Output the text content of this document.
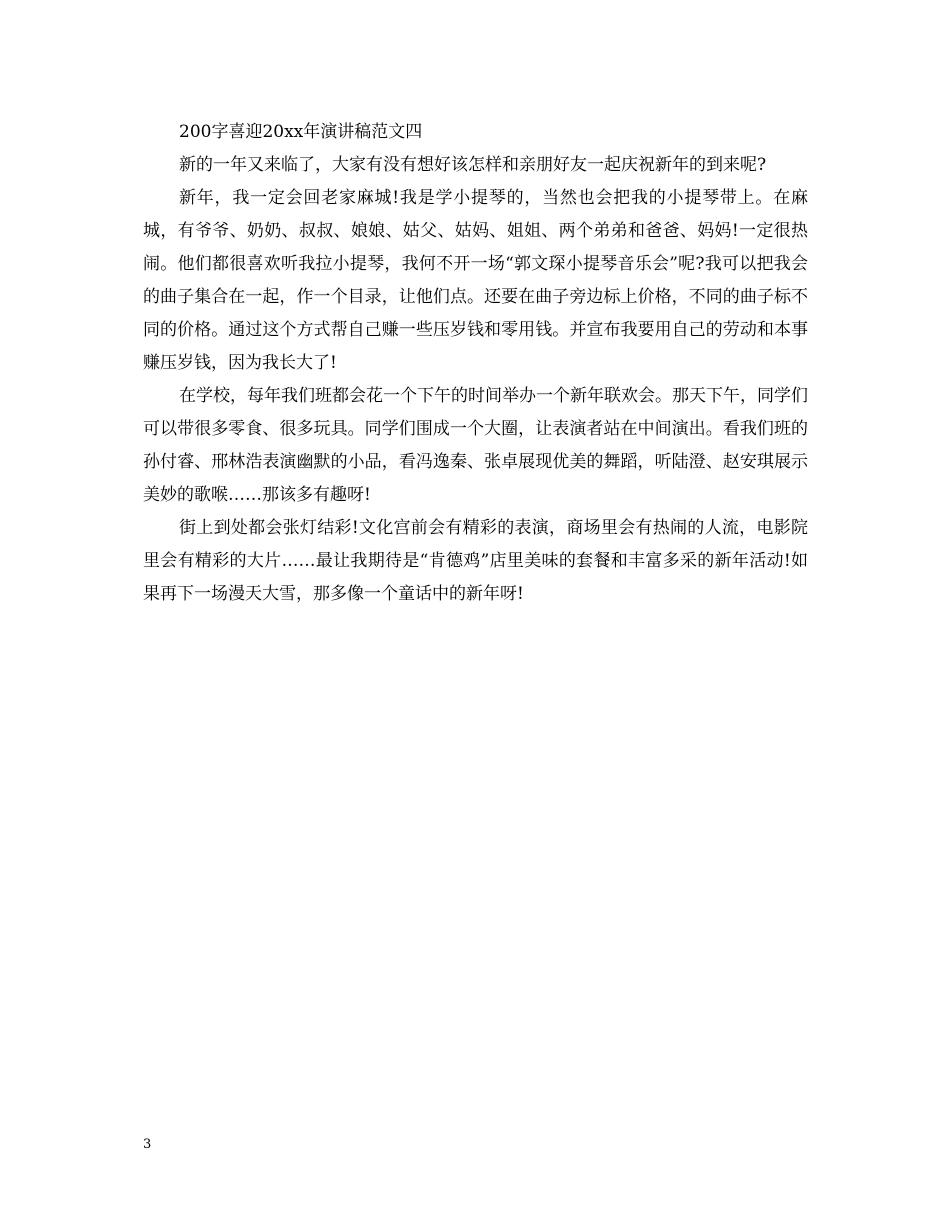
200字喜迎20xx年演讲稿范文四

新的一年又来临了，大家有没有想好该怎样和亲朋好友一起庆祝新年的到来呢?

新年，我一定会回老家麻城!我是学小提琴的，当然也会把我的小提琴带上。在麻城，有爷爷、奶奶、叔叔、娘娘、姑父、姑妈、姐姐、两个弟弟和爸爸、妈妈!一定很热闹。他们都很喜欢听我拉小提琴，我何不开一场“郭文琛小提琴音乐会”呢?我可以把我会的曲子集合在一起，作一个目录，让他们点。还要在曲子旁边标上价格，不同的曲子标不同的价格。通过这个方式帮自己赚一些压岁钱和零用钱。并宣布我要用自己的劳动和本事赚压岁钱，因为我长大了!

在学校，每年我们班都会花一个下午的时间举办一个新年联欢会。那天下午，同学们可以带很多零食、很多玩具。同学们围成一个大圈，让表演者站在中间演出。看我们班的孙付睿、邢林浩表演幽默的小品，看冯逸秦、张卓展现优美的舞蹈，听陆澄、赵安琪展示美妙的歌喉……那该多有趣呀!

街上到处都会张灯结彩!文化宫前会有精彩的表演，商场里会有热闹的人流，电影院里会有精彩的大片……最让我期待是“肯德鸡”店里美味的套餐和丰富多采的新年活动!如果再下一场漫天大雪，那多像一个童话中的新年呀!

3
